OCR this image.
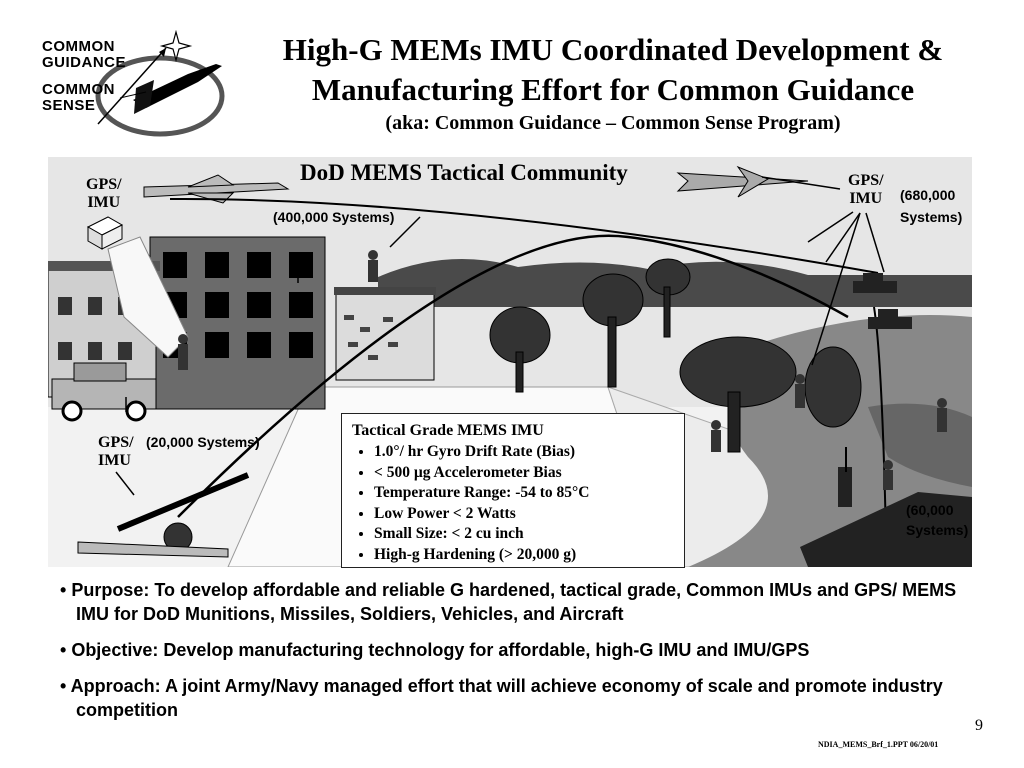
COMMON
GUIDANCE
COMMON
SENSE
High-G MEMs IMU Coordinated Development &
Manufacturing Effort for Common Guidance
(aka: Common Guidance – Common Sense Program)
DoD MEMS Tactical Community
GPS/
IMU
(400,000 Systems)
GPS/
IMU (680,000
Systems)
GPS/
IMU
(20,000 Systems)
(60,000
Systems)
Tactical Grade MEMS IMU
• 1.0°/ hr Gyro Drift Rate (Bias)
• < 500 µg Accelerometer Bias
• Temperature Range: -54 to 85°C
• Low Power < 2 Watts
• Small Size: < 2 cu inch
• High-g Hardening (> 20,000 g)
• Purpose: To develop affordable and reliable G hardened, tactical grade, Common IMUs and GPS/ MEMS IMU for DoD Munitions, Missiles, Soldiers, Vehicles, and Aircraft
• Objective: Develop manufacturing technology for affordable, high-G IMU and IMU/GPS
• Approach: A joint Army/Navy managed effort that will achieve economy of scale and promote industry competition
9
NDIA_MEMS_Brf_1.PPT 06/20/01
